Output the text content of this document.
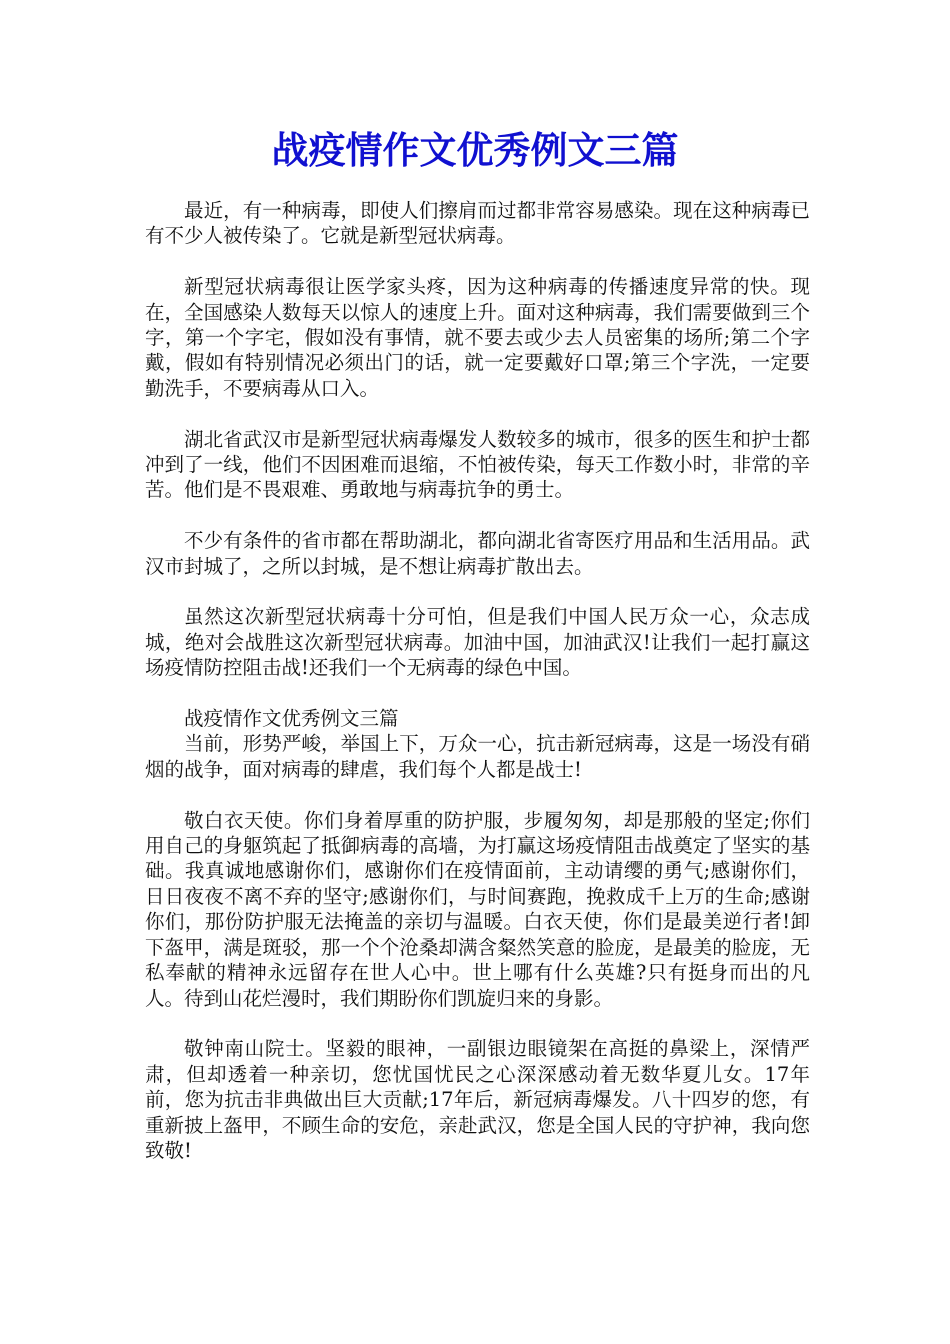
战疫情作文优秀例文三篇

最近，有一种病毒，即使人们擦肩而过都非常容易感染。现在这种病毒已有不少人被传染了。它就是新型冠状病毒。

新型冠状病毒很让医学家头疼，因为这种病毒的传播速度异常的快。现在，全国感染人数每天以惊人的速度上升。面对这种病毒，我们需要做到三个字，第一个字宅，假如没有事情，就不要去或少去人员密集的场所;第二个字戴，假如有特别情况必须出门的话，就一定要戴好口罩;第三个字洗，一定要勤洗手，不要病毒从口入。

湖北省武汉市是新型冠状病毒爆发人数较多的城市，很多的医生和护士都冲到了一线，他们不因困难而退缩，不怕被传染，每天工作数小时，非常的辛苦。他们是不畏艰难、勇敢地与病毒抗争的勇士。

不少有条件的省市都在帮助湖北，都向湖北省寄医疗用品和生活用品。武汉市封城了，之所以封城，是不想让病毒扩散出去。

虽然这次新型冠状病毒十分可怕，但是我们中国人民万众一心，众志成城，绝对会战胜这次新型冠状病毒。加油中国，加油武汉!让我们一起打赢这场疫情防控阻击战!还我们一个无病毒的绿色中国。

战疫情作文优秀例文三篇

当前，形势严峻，举国上下，万众一心，抗击新冠病毒，这是一场没有硝烟的战争，面对病毒的肆虐，我们每个人都是战士!

敬白衣天使。你们身着厚重的防护服，步履匆匆，却是那般的坚定;你们用自己的身躯筑起了抵御病毒的高墙，为打赢这场疫情阻击战奠定了坚实的基础。我真诚地感谢你们，感谢你们在疫情面前，主动请缨的勇气;感谢你们，日日夜夜不离不弃的坚守;感谢你们，与时间赛跑，挽救成千上万的生命;感谢你们，那份防护服无法掩盖的亲切与温暖。白衣天使，你们是最美逆行者!卸下盔甲，满是斑驳，那一个个沧桑却满含粲然笑意的脸庞，是最美的脸庞，无私奉献的精神永远留存在世人心中。世上哪有什么英雄?只有挺身而出的凡人。待到山花烂漫时，我们期盼你们凯旋归来的身影。

敬钟南山院士。坚毅的眼神，一副银边眼镜架在高挺的鼻梁上，深情严肃，但却透着一种亲切，您忧国忧民之心深深感动着无数华夏儿女。17年前，您为抗击非典做出巨大贡献;17年后，新冠病毒爆发。八十四岁的您，有重新披上盔甲，不顾生命的安危，亲赴武汉，您是全国人民的守护神，我向您致敬!
